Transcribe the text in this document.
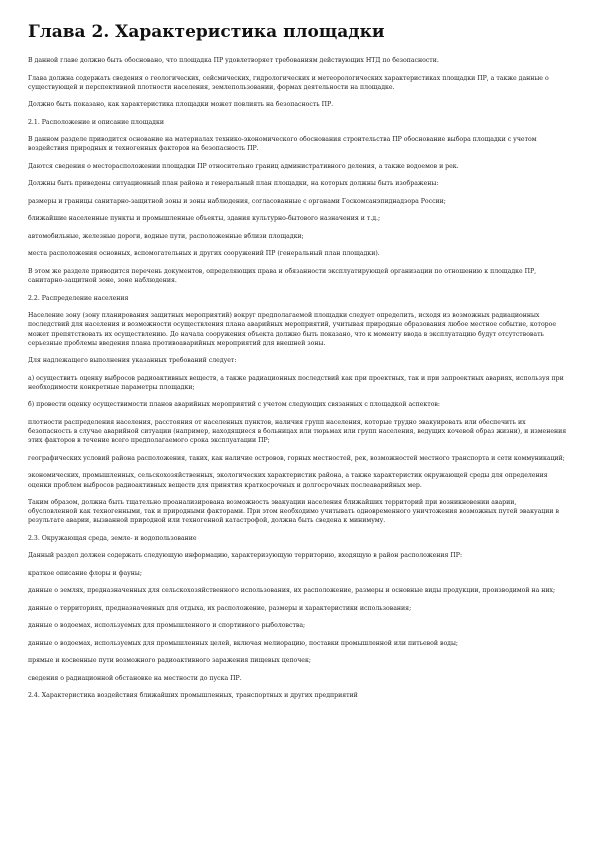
Глава 2. Характеристика площадки

В данной главе должно быть обосновано, что площадка ПР удовлетворяет требованиям действующих НТД по безопасности.

Глава должна содержать сведения о геологических, сейсмических, гидрологических и метеорологических характеристиках площадки ПР, а также данные о существующей и перспективной плотности населения, землепользовании, формах деятельности на площадке.

Должно быть показано, как характеристика площадки может повлиять на безопасность ПР.

2.1. Расположение и описание площадки

В данном разделе приводится основание на материалах технико-экономического обоснования строительства ПР обоснование выбора площадки с учетом воздействия природных и техногенных факторов на безопасность ПР.

Даются сведения о месторасположении площадки ПР относительно границ административного деления, а также водоемов и рек.

Должны быть приведены ситуационный план района и генеральный план площадки, на которых должны быть изображены:

размеры и границы санитарно-защитной зоны и зоны наблюдения, согласованные с органами Госкомсанэпиднадзора России;

ближайшие населенные пункты и промышленные объекты, здания культурно-бытового назначения и т.д.;

автомобильные, железные дороги, водные пути, расположенные вблизи площадки;

места расположения основных, вспомогательных и других сооружений ПР (генеральный план площадки).

В этом же разделе приводится перечень документов, определяющих права и обязанности эксплуатирующей организации по отношению к площадке ПР, санитарно-защитной зоне, зоне наблюдения.

2.2. Распределение населения

Население зону (зону планирования защитных мероприятий) вокруг предполагаемой площадки следует определить, исходя из возможных радиационных последствий для населения и возможности осуществления плана аварийных мероприятий, учитывая природные образования любое местное событие, которое может препятствовать их осуществлению. До начала сооружения объекта должно быть показано, что к моменту ввода в эксплуатацию будут отсутствовать серьезные проблемы введения плана противоаварийных мероприятий для внешней зоны.

Для надлежащего выполнения указанных требований следует:

а) осуществить оценку выбросов радиоактивных веществ, а также радиационных последствий как при проектных, так и при запроектных авариях, используя при необходимости конкретные параметры площадки;

б) провести оценку осуществимости планов аварийных мероприятий с учетом следующих связанных с площадкой аспектов:

плотности распределения населения, расстояния от населенных пунктов, наличия групп населения, которые трудно эвакуировать или обеспечить их безопасность в случае аварийной ситуации (например, находящиеся в больницах или тюрьмах или групп населения, ведущих кочевой образ жизни), и изменения этих факторов в течение всего предполагаемого срока эксплуатации ПР;

географических условий района расположения, таких, как наличие островов, горных местностей, рек, возможностей местного транспорта и сети коммуникаций;

экономических, промышленных, сельскохозяйственных, экологических характеристик района, а также характеристик окружающей среды для определения оценки проблем выбросов радиоактивных веществ для принятия краткосрочных и долгосрочных послеаварийных мер.

Таким образом, должна быть тщательно проанализирована возможность эвакуации населения ближайших территорий при возникновении аварии, обусловленной как техногенными, так и природными факторами. При этом необходимо учитывать одновременного уничтожения возможных путей эвакуации в результате аварии, вызванной природной или техногенной катастрофой, должна быть сведена к минимуму.

2.3. Окружающая среда, земле- и водопользование

Данный раздел должен содержать следующую информацию, характеризующую территорию, входящую в район расположения ПР:

краткое описание флоры и фауны;

данные о землях, предназначенных для сельскохозяйственного использования, их расположение, размеры и основные виды продукции, производимой на них;

данные о территориях, предназначенных для отдыха, их расположение, размеры и характеристики использования;

данные о водоемах, используемых для промышленного и спортивного рыболовства;

данные о водоемах, используемых для промышленных целей, включая мелиорацию, поставки промышленной или питьевой воды;

прямые и косвенные пути возможного радиоактивного заражения пищевых цепочек;

сведения о радиационной обстановке на местности до пуска ПР.

2.4. Характеристика воздействия ближайших промышленных, транспортных и других предприятий
